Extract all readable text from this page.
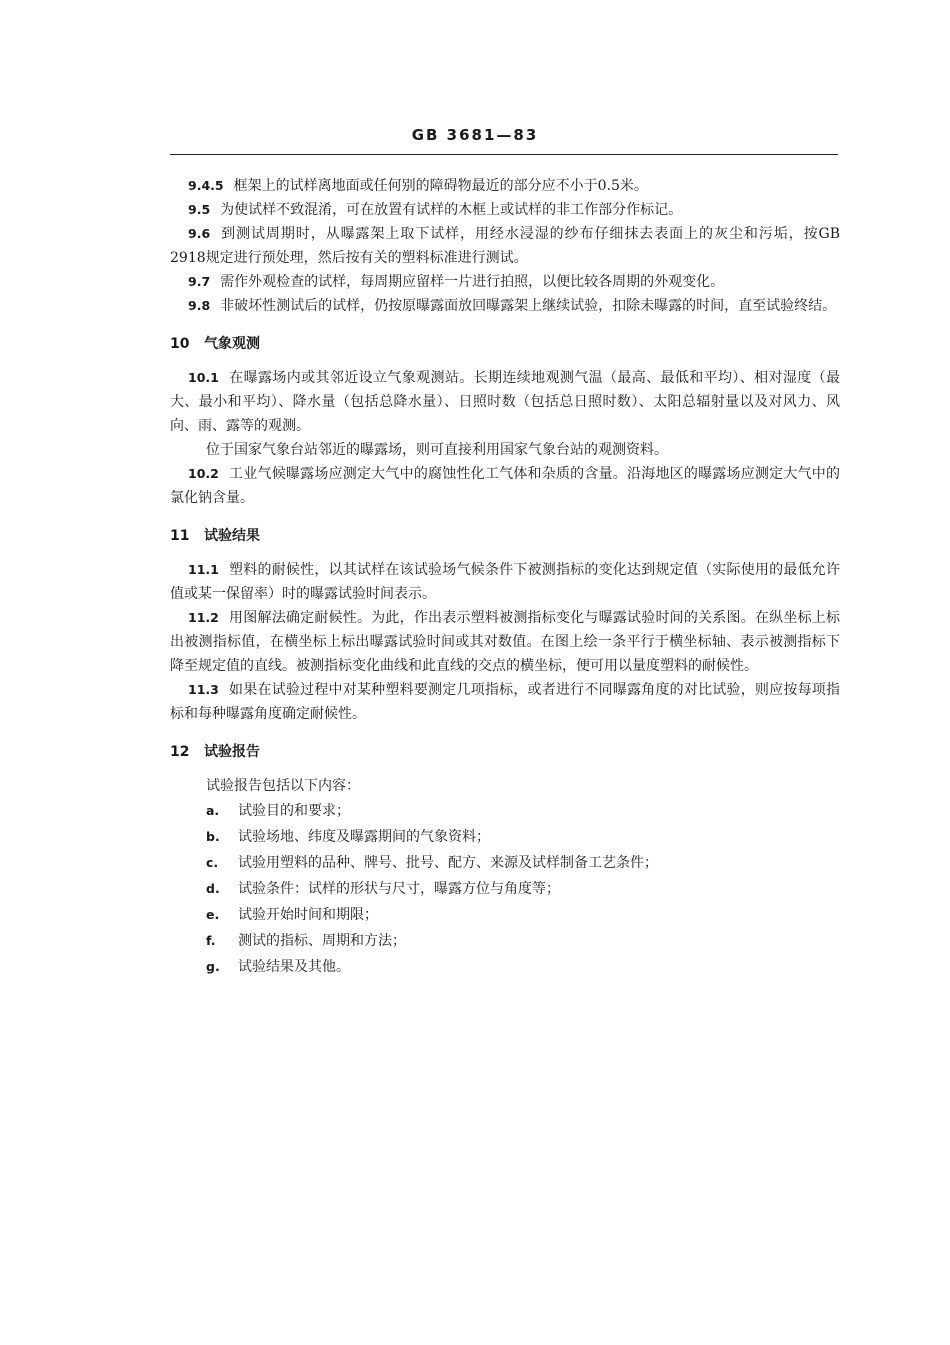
GB 3681—83

9.4.5 框架上的试样离地面或任何别的障碍物最近的部分应不小于0.5米。

9.5 为使试样不致混淆，可在放置有试样的木框上或试样的非工作部分作标记。

9.6 到测试周期时，从曝露架上取下试样，用经水浸湿的纱布仔细抹去表面上的灰尘和污垢，按GB 2918规定进行预处理，然后按有关的塑料标准进行测试。

9.7 需作外观检查的试样，每周期应留样一片进行拍照，以便比较各周期的外观变化。

9.8 非破坏性测试后的试样，仍按原曝露面放回曝露架上继续试验，扣除未曝露的时间，直至试验终结。

10 气象观测

10.1 在曝露场内或其邻近设立气象观测站。长期连续地观测气温（最高、最低和平均）、相对湿度（最大、最小和平均）、降水量（包括总降水量）、日照时数（包括总日照时数）、太阳总辐射量以及对风力、风向、雨、露等的观测。

位于国家气象台站邻近的曝露场，则可直接利用国家气象台站的观测资料。

10.2 工业气候曝露场应测定大气中的腐蚀性化工气体和杂质的含量。沿海地区的曝露场应测定大气中的氯化钠含量。

11 试验结果

11.1 塑料的耐候性，以其试样在该试验场气候条件下被测指标的变化达到规定值（实际使用的最低允许值或某一保留率）时的曝露试验时间表示。

11.2 用图解法确定耐候性。为此，作出表示塑料被测指标变化与曝露试验时间的关系图。在纵坐标上标出被测指标值，在横坐标上标出曝露试验时间或其对数值。在图上绘一条平行于横坐标轴、表示被测指标下降至规定值的直线。被测指标变化曲线和此直线的交点的横坐标，便可用以量度塑料的耐候性。

11.3 如果在试验过程中对某种塑料要测定几项指标，或者进行不同曝露角度的对比试验，则应按每项指标和每种曝露角度确定耐候性。

12 试验报告

试验报告包括以下内容：

a. 试验目的和要求；

b. 试验场地、纬度及曝露期间的气象资料；

c. 试验用塑料的品种、牌号、批号、配方、来源及试样制备工艺条件；

d. 试验条件：试样的形状与尺寸，曝露方位与角度等；

e. 试验开始时间和期限；

f. 测试的指标、周期和方法；

g. 试验结果及其他。
